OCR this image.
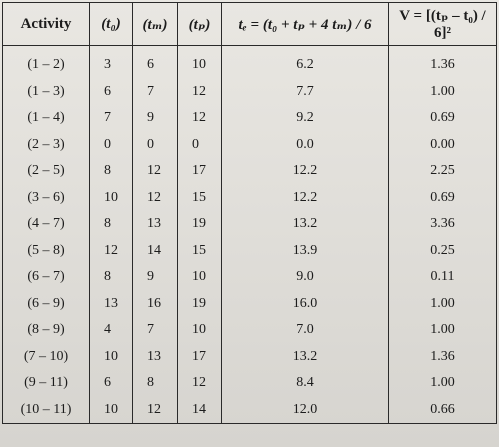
Activity	(t₀)	(tₘ)	(tₚ)	tₑ = (t₀ + tₚ + 4 tₘ) / 6	V = [(tₚ – t₀) / 6]²
(1 – 2)	3	6	10	6.2	1.36
(1 – 3)	6	7	12	7.7	1.00
(1 – 4)	7	9	12	9.2	0.69
(2 – 3)	0	0	0	0.0	0.00
(2 – 5)	8	12	17	12.2	2.25
(3 – 6)	10	12	15	12.2	0.69
(4 – 7)	8	13	19	13.2	3.36
(5 – 8)	12	14	15	13.9	0.25
(6 – 7)	8	9	10	9.0	0.11
(6 – 9)	13	16	19	16.0	1.00
(8 – 9)	4	7	10	7.0	1.00
(7 – 10)	10	13	17	13.2	1.36
(9 – 11)	6	8	12	8.4	1.00
(10 – 11)	10	12	14	12.0	0.66
